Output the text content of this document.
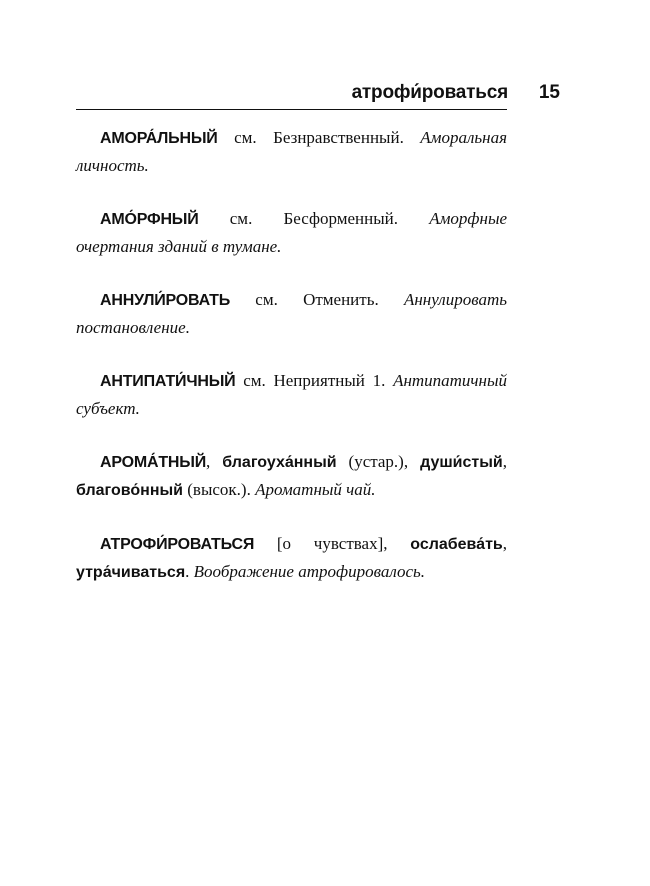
атрофи́роваться 15

АМОРА́ЛЬНЫЙ см. Безнравственный. Аморальная личность.

АМО́РФНЫЙ см. Бесформенный. Аморфные очертания зданий в тумане.

АННУЛИ́РОВАТЬ см. Отменить. Аннулировать постановление.

АНТИПАТИ́ЧНЫЙ см. Неприятный 1. Антипатичный субъект.

АРОМА́ТНЫЙ, благоуха́нный (устар.), души́стый, благово́нный (высок.). Ароматный чай.

АТРОФИ́РОВАТЬСЯ [о чувствах], ослабева́ть, утра́чиваться. Воображение атрофировалось.
